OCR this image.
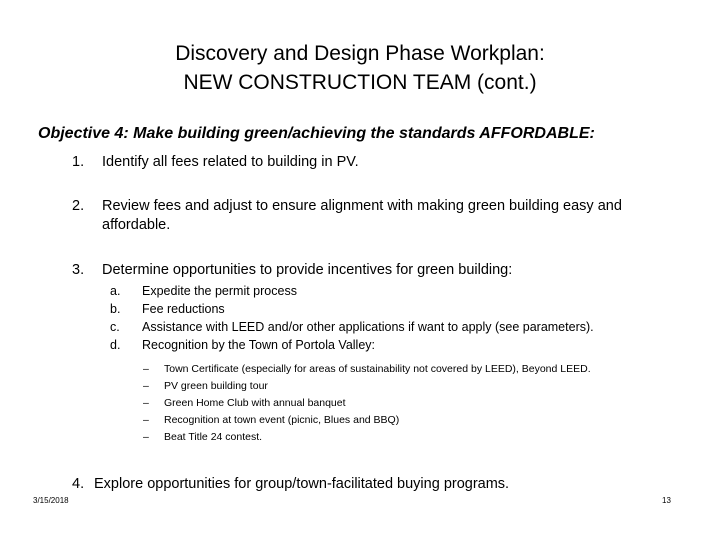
Discovery and Design Phase Workplan:
NEW CONSTRUCTION TEAM (cont.)
Objective 4: Make building green/achieving the standards AFFORDABLE:
1. Identify all fees related to building in PV.
2. Review fees and adjust to ensure alignment with making green building easy and
affordable.
3. Determine opportunities to provide incentives for green building:
a. Expedite the permit process
b. Fee reductions
c. Assistance with LEED and/or other applications if want to apply (see parameters).
d. Recognition by the Town of Portola Valley:
– Town Certificate (especially for areas of sustainability not covered by LEED), Beyond LEED.
– PV green building tour
– Green Home Club with annual banquet
– Recognition at town event (picnic, Blues and BBQ)
– Beat Title 24 contest.
4. Explore opportunities for group/town-facilitated buying programs.
3/15/2018	13
